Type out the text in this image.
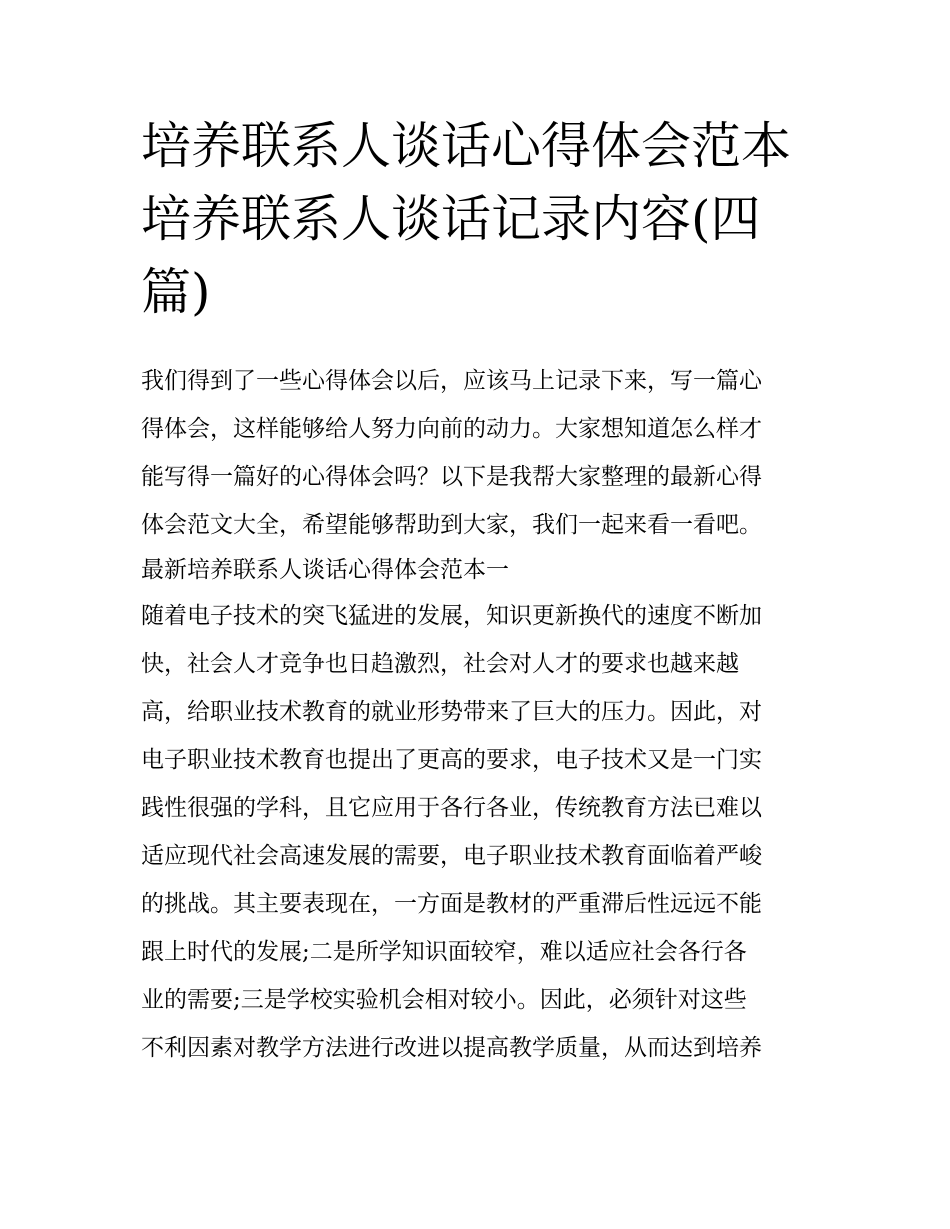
培养联系人谈话心得体会范本
培养联系人谈话记录内容(四
篇)
我们得到了一些心得体会以后，应该马上记录下来，写一篇心
得体会，这样能够给人努力向前的动力。大家想知道怎么样才
能写得一篇好的心得体会吗？以下是我帮大家整理的最新心得
体会范文大全，希望能够帮助到大家，我们一起来看一看吧。
最新培养联系人谈话心得体会范本一
随着电子技术的突飞猛进的发展，知识更新换代的速度不断加
快，社会人才竞争也日趋激烈，社会对人才的要求也越来越
高，给职业技术教育的就业形势带来了巨大的压力。因此，对
电子职业技术教育也提出了更高的要求，电子技术又是一门实
践性很强的学科，且它应用于各行各业，传统教育方法已难以
适应现代社会高速发展的需要，电子职业技术教育面临着严峻
的挑战。其主要表现在，一方面是教材的严重滞后性远远不能
跟上时代的发展;二是所学知识面较窄，难以适应社会各行各
业的需要;三是学校实验机会相对较小。因此，必须针对这些
不利因素对教学方法进行改进以提高教学质量，从而达到培养
